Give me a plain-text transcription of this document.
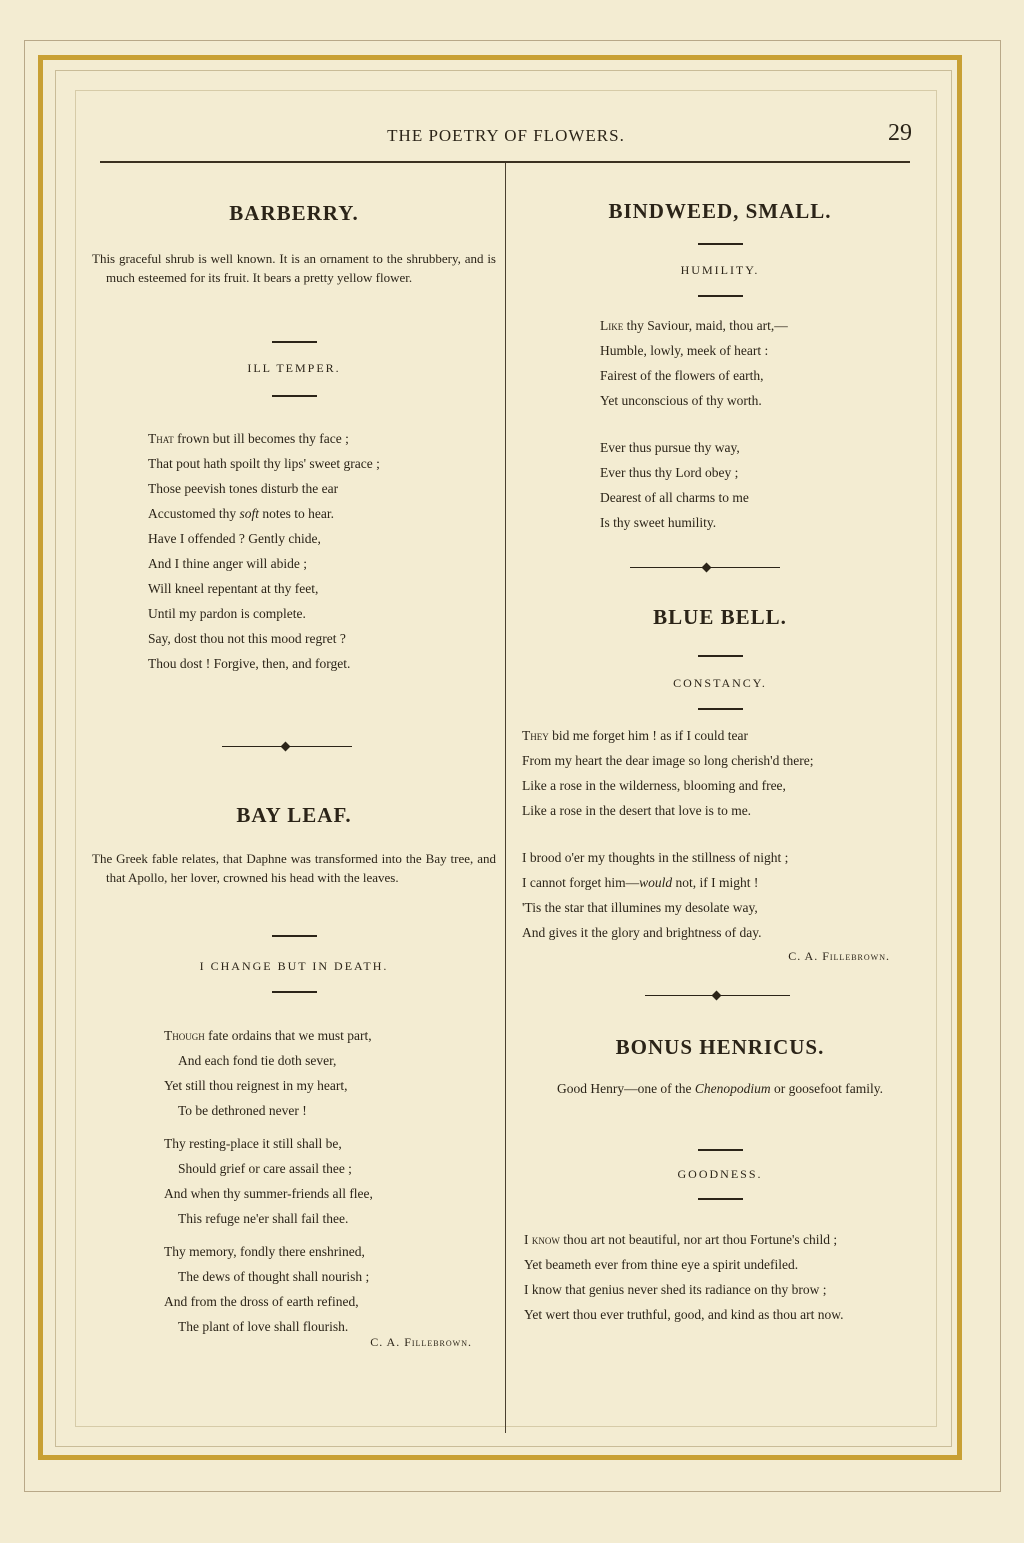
THE POETRY OF FLOWERS.	29
BARBERRY.

This graceful shrub is well known. It is an ornament to the shrubbery, and is much esteemed for its fruit. It bears a pretty yellow flower.

ILL TEMPER.

That frown but ill becomes thy face ;

That pout hath spoilt thy lips' sweet grace ;

Those peevish tones disturb the ear

Accustomed thy soft notes to hear.

Have I offended ? Gently chide,

And I thine anger will abide ;

Will kneel repentant at thy feet,

Until my pardon is complete.

Say, dost thou not this mood regret ?

Thou dost ! Forgive, then, and forget.

BAY LEAF.

The Greek fable relates, that Daphne was transformed into the Bay tree, and that Apollo, her lover, crowned his head with the leaves.

I CHANGE BUT IN DEATH.

Though fate ordains that we must part,

And each fond tie doth sever,

Yet still thou reignest in my heart,

To be dethroned never !

Thy resting-place it still shall be,

Should grief or care assail thee ;

And when thy summer-friends all flee,

This refuge ne'er shall fail thee.

Thy memory, fondly there enshrined,

The dews of thought shall nourish ;

And from the dross of earth refined,

The plant of love shall flourish.

C. A. Fillebrown.

BINDWEED, SMALL.

HUMILITY.

Like thy Saviour, maid, thou art,—

Humble, lowly, meek of heart :

Fairest of the flowers of earth,

Yet unconscious of thy worth.

Ever thus pursue thy way,

Ever thus thy Lord obey ;

Dearest of all charms to me

Is thy sweet humility.

BLUE BELL.

CONSTANCY.

They bid me forget him ! as if I could tear

From my heart the dear image so long cherish'd there;

Like a rose in the wilderness, blooming and free,

Like a rose in the desert that love is to me.

I brood o'er my thoughts in the stillness of night ;

I cannot forget him—would not, if I might !

'Tis the star that illumines my desolate way,

And gives it the glory and brightness of day.

C. A. Fillebrown.

BONUS HENRICUS.

Good Henry—one of the Chenopodium or goosefoot family.

GOODNESS.

I know thou art not beautiful, nor art thou Fortune's child ;

Yet beameth ever from thine eye a spirit undefiled.

I know that genius never shed its radiance on thy brow ;

Yet wert thou ever truthful, good, and kind as thou art now.
